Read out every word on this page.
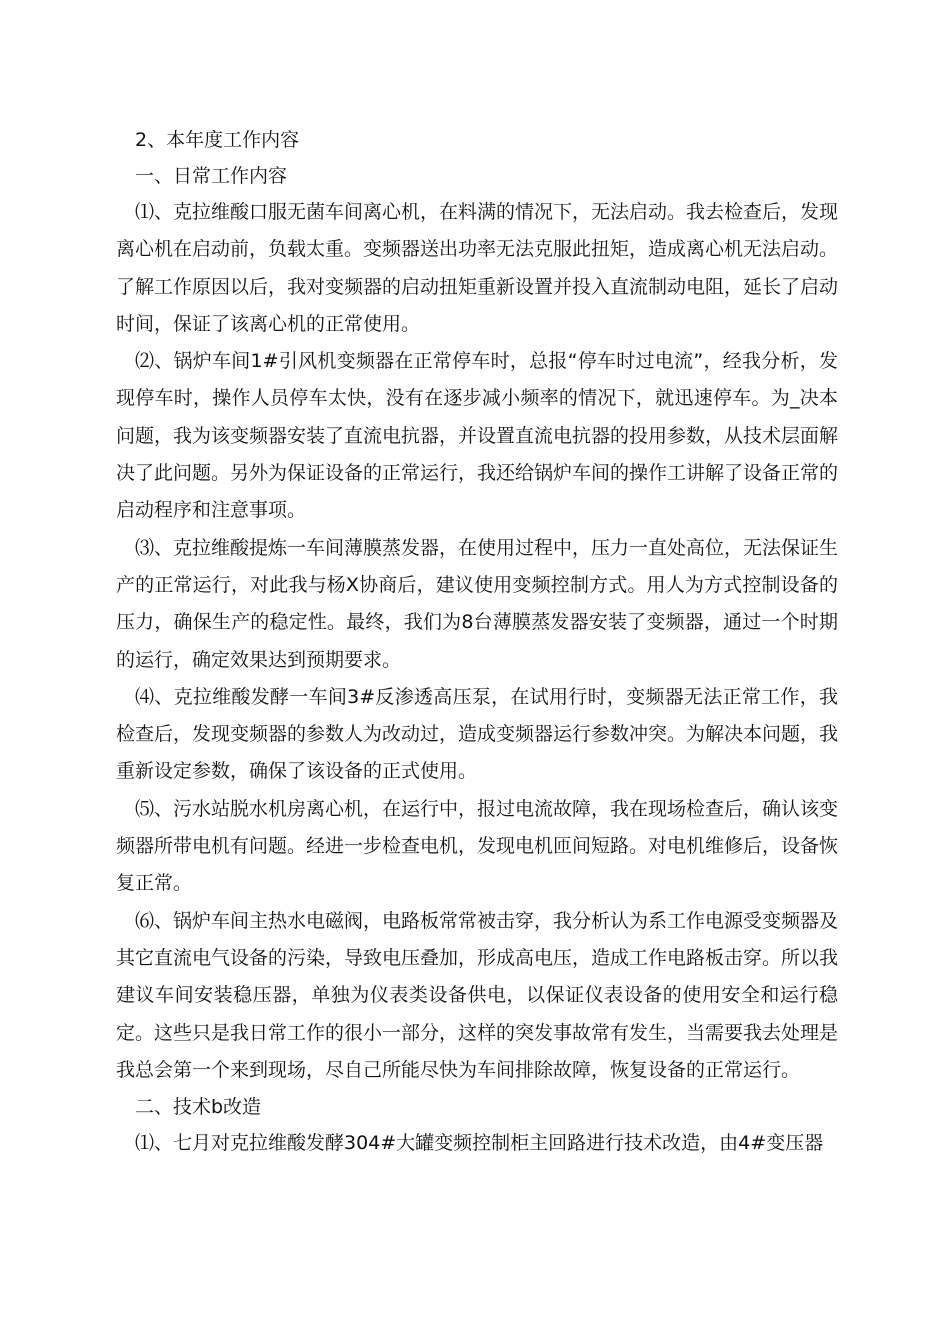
2、本年度工作内容

一、日常工作内容

⑴、克拉维酸口服无菌车间离心机，在料满的情况下，无法启动。我去检查后，发现离心机在启动前，负载太重。变频器送出功率无法克服此扭矩，造成离心机无法启动。了解工作原因以后，我对变频器的启动扭矩重新设置并投入直流制动电阻，延长了启动时间，保证了该离心机的正常使用。

⑵、锅炉车间1#引风机变频器在正常停车时，总报“停车时过电流”，经我分析，发现停车时，操作人员停车太快，没有在逐步减小频率的情况下，就迅速停车。为_决本问题，我为该变频器安装了直流电抗器，并设置直流电抗器的投用参数，从技术层面解决了此问题。另外为保证设备的正常运行，我还给锅炉车间的操作工讲解了设备正常的启动程序和注意事项。

⑶、克拉维酸提炼一车间薄膜蒸发器，在使用过程中，压力一直处高位，无法保证生产的正常运行，对此我与杨X协商后，建议使用变频控制方式。用人为方式控制设备的压力，确保生产的稳定性。最终，我们为8台薄膜蒸发器安装了变频器，通过一个时期的运行，确定效果达到预期要求。

⑷、克拉维酸发酵一车间3#反渗透高压泵，在试用行时，变频器无法正常工作，我检查后，发现变频器的参数人为改动过，造成变频器运行参数冲突。为解决本问题，我重新设定参数，确保了该设备的正式使用。

⑸、污水站脱水机房离心机，在运行中，报过电流故障，我在现场检查后，确认该变频器所带电机有问题。经进一步检查电机，发现电机匝间短路。对电机维修后，设备恢复正常。

⑹、锅炉车间主热水电磁阀，电路板常常被击穿，我分析认为系工作电源受变频器及其它直流电气设备的污染，导致电压叠加，形成高电压，造成工作电路板击穿。所以我建议车间安装稳压器，单独为仪表类设备供电，以保证仪表设备的使用安全和运行稳定。这些只是我日常工作的很小一部分，这样的突发事故常有发生，当需要我去处理是我总会第一个来到现场，尽自己所能尽快为车间排除故障，恢复设备的正常运行。

二、技术b改造

⑴、七月对克拉维酸发酵304#大罐变频控制柜主回路进行技术改造，由4#变压器
